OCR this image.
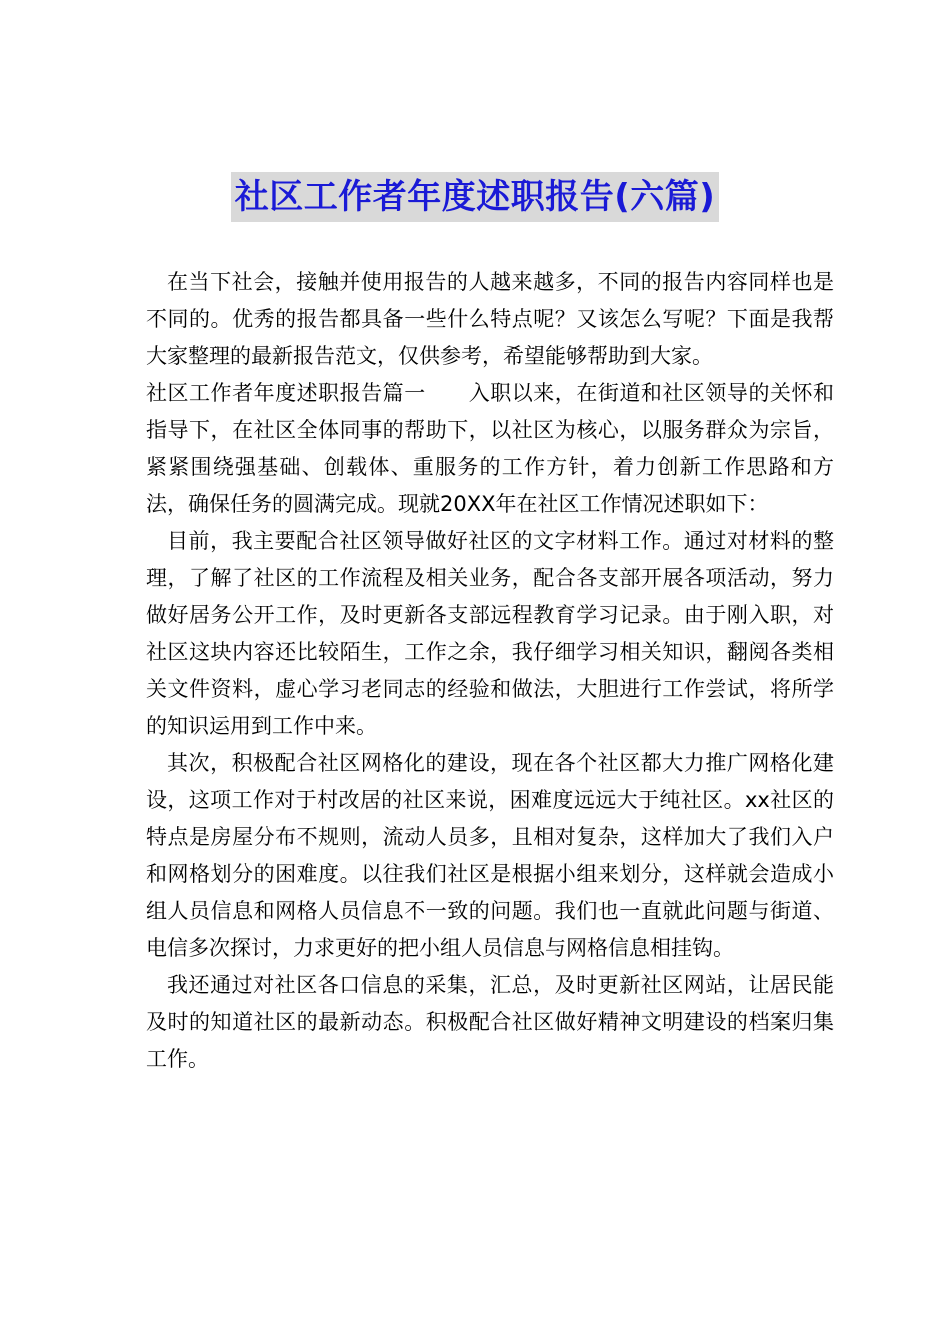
社区工作者年度述职报告(六篇)

在当下社会，接触并使用报告的人越来越多，不同的报告内容同样也是不同的。优秀的报告都具备一些什么特点呢？又该怎么写呢？下面是我帮大家整理的最新报告范文，仅供参考，希望能够帮助到大家。

社区工作者年度述职报告篇一　　入职以来，在街道和社区领导的关怀和指导下，在社区全体同事的帮助下，以社区为核心，以服务群众为宗旨，紧紧围绕强基础、创载体、重服务的工作方针，着力创新工作思路和方法，确保任务的圆满完成。现就20XX年在社区工作情况述职如下：

目前，我主要配合社区领导做好社区的文字材料工作。通过对材料的整理，了解了社区的工作流程及相关业务，配合各支部开展各项活动，努力做好居务公开工作，及时更新各支部远程教育学习记录。由于刚入职，对社区这块内容还比较陌生，工作之余，我仔细学习相关知识，翻阅各类相关文件资料，虚心学习老同志的经验和做法，大胆进行工作尝试，将所学的知识运用到工作中来。

其次，积极配合社区网格化的建设，现在各个社区都大力推广网格化建设，这项工作对于村改居的社区来说，困难度远远大于纯社区。xx社区的特点是房屋分布不规则，流动人员多，且相对复杂，这样加大了我们入户和网格划分的困难度。以往我们社区是根据小组来划分，这样就会造成小组人员信息和网格人员信息不一致的问题。我们也一直就此问题与街道、电信多次探讨，力求更好的把小组人员信息与网格信息相挂钩。

我还通过对社区各口信息的采集，汇总，及时更新社区网站，让居民能及时的知道社区的最新动态。积极配合社区做好精神文明建设的档案归集工作。
